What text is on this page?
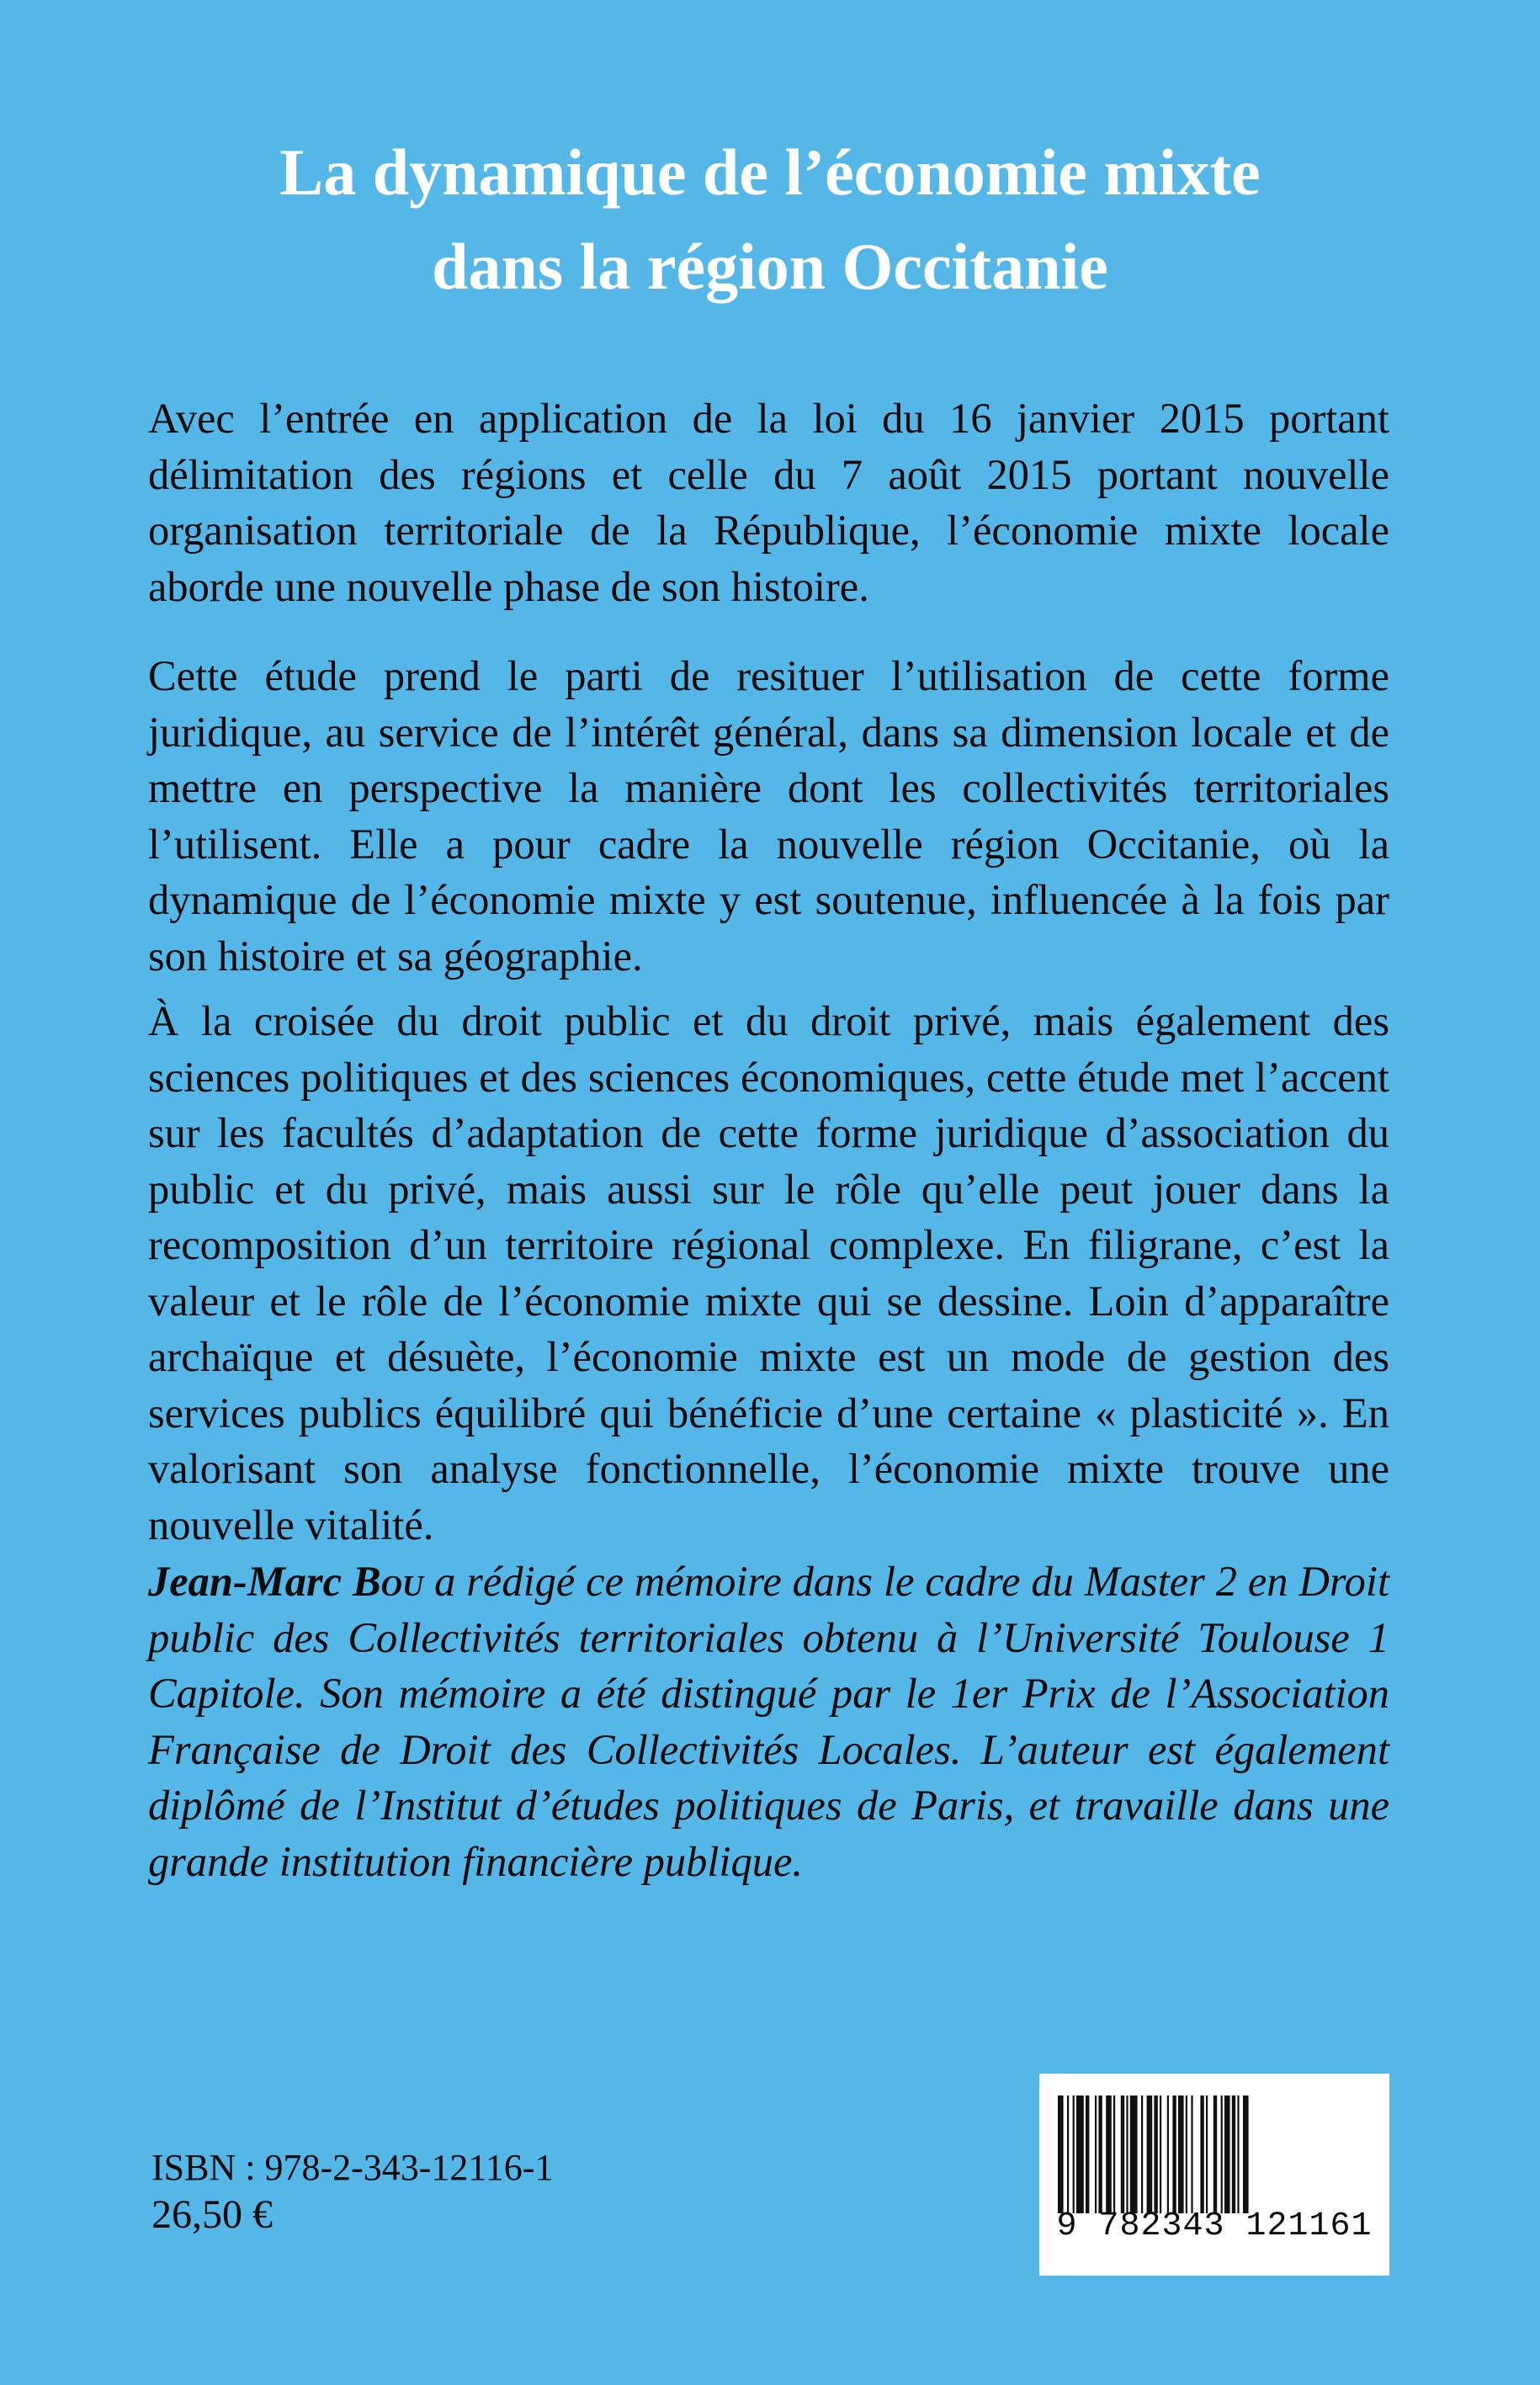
La dynamique de l’économie mixte
dans la région Occitanie
Avec l’entrée en application de la loi du 16 janvier 2015 portant délimitation des régions et celle du 7 août 2015 portant nouvelle organisation territoriale de la République, l’économie mixte locale aborde une nouvelle phase de son histoire.
Cette étude prend le parti de resituer l’utilisation de cette forme juridique, au service de l’intérêt général, dans sa dimension locale et de mettre en perspective la manière dont les collectivités territoriales l’utilisent. Elle a pour cadre la nouvelle région Occitanie, où la dynamique de l’économie mixte y est soutenue, influencée à la fois par son histoire et sa géographie.
À la croisée du droit public et du droit privé, mais également des sciences politiques et des sciences économiques, cette étude met l’accent sur les facultés d’adaptation de cette forme juridique d’association du public et du privé, mais aussi sur le rôle qu’elle peut jouer dans la recomposition d’un territoire régional complexe. En filigrane, c’est la valeur et le rôle de l’économie mixte qui se dessine. Loin d’apparaître archaïque et désuète, l’économie mixte est un mode de gestion des services publics équilibré qui bénéficie d’une certaine « plasticité ». En valorisant son analyse fonctionnelle, l’économie mixte trouve une nouvelle vitalité.
Jean-Marc Bou a rédigé ce mémoire dans le cadre du Master 2 en Droit public des Collectivités territoriales obtenu à l’Université Toulouse 1 Capitole. Son mémoire a été distingué par le 1er Prix de l’Association Française de Droit des Collectivités Locales. L’auteur est également diplômé de l’Institut d’études politiques de Paris, et travaille dans une grande institution financière publique.
ISBN : 978-2-343-12116-1
26,50 €	9 782343 121161
